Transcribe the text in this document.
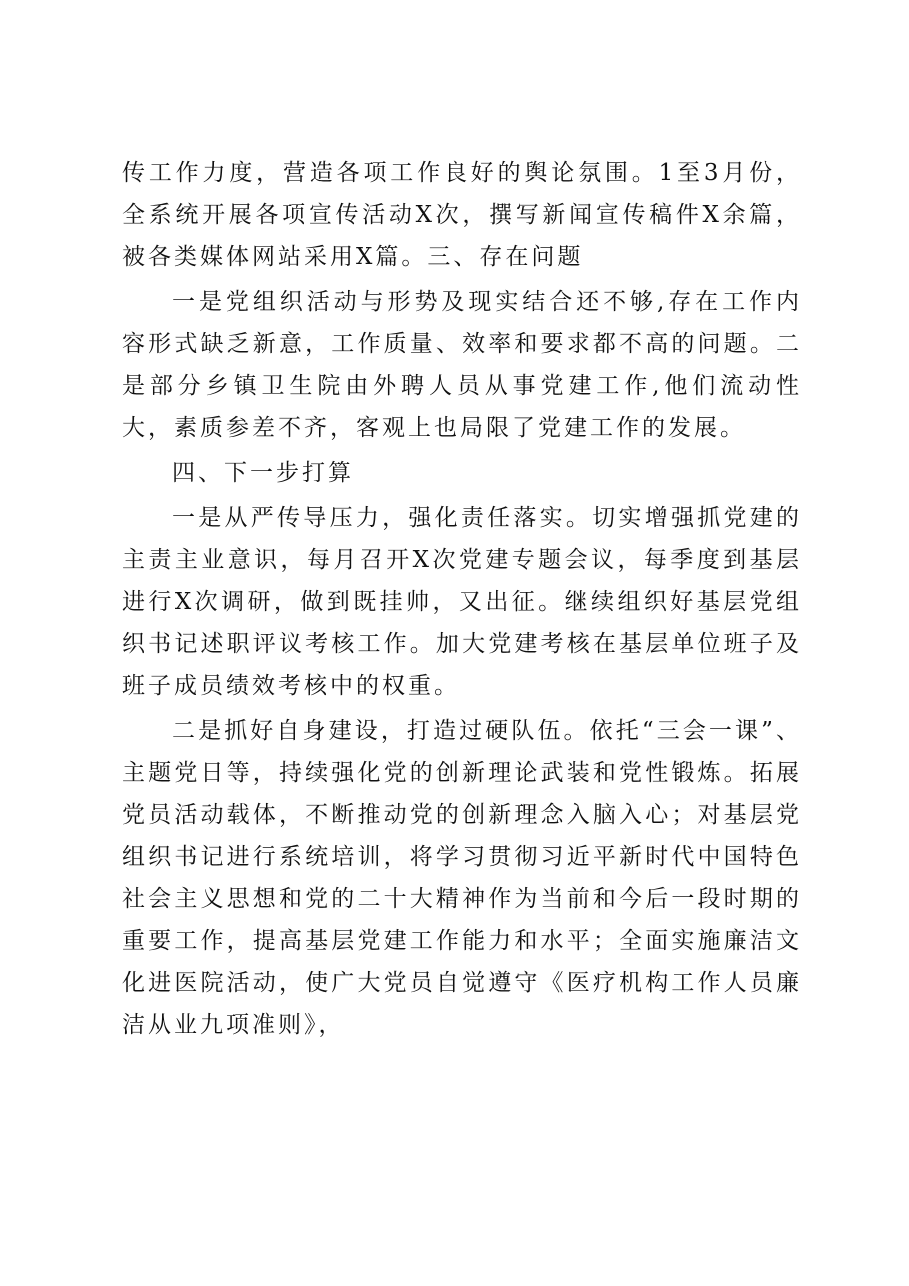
传工作力度，营造各项工作良好的舆论氛围。1至3月份，全系统开展各项宣传活动X次，撰写新闻宣传稿件X余篇，被各类媒体网站采用X篇。三、存在问题

一是党组织活动与形势及现实结合还不够,存在工作内容形式缺乏新意，工作质量、效率和要求都不高的问题。二是部分乡镇卫生院由外聘人员从事党建工作,他们流动性大，素质参差不齐，客观上也局限了党建工作的发展。

四、下一步打算

一是从严传导压力，强化责任落实。切实增强抓党建的主责主业意识，每月召开X次党建专题会议，每季度到基层进行X次调研，做到既挂帅，又出征。继续组织好基层党组织书记述职评议考核工作。加大党建考核在基层单位班子及班子成员绩效考核中的权重。

二是抓好自身建设，打造过硬队伍。依托“三会一课”、主题党日等，持续强化党的创新理论武装和党性锻炼。拓展党员活动载体，不断推动党的创新理念入脑入心；对基层党组织书记进行系统培训，将学习贯彻习近平新时代中国特色社会主义思想和党的二十大精神作为当前和今后一段时期的重要工作，提高基层党建工作能力和水平；全面实施廉洁文化进医院活动，使广大党员自觉遵守《医疗机构工作人员廉洁从业九项准则》，
